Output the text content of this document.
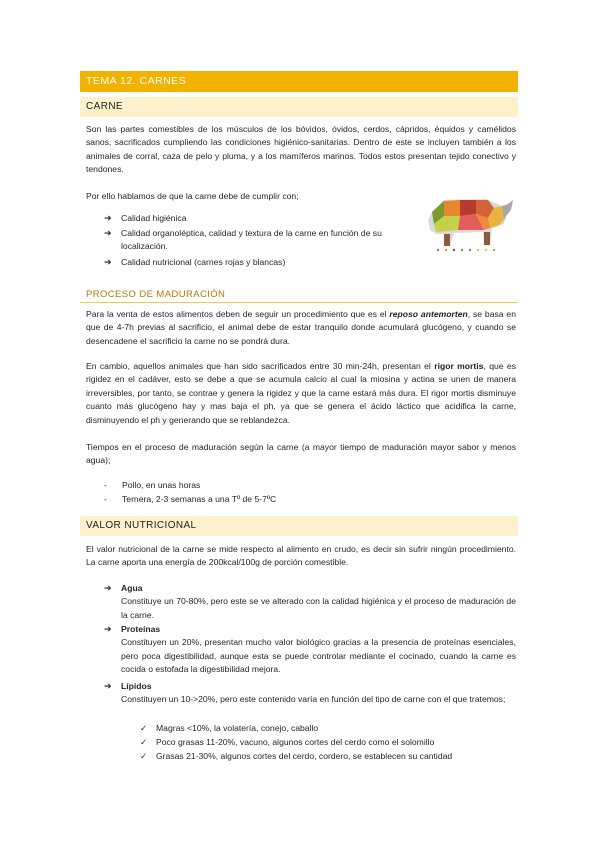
TEMA 12. CARNES
CARNE
Son las partes comestibles de los músculos de los bóvidos, óvidos, cerdos, cápridos, équidos y camélidos sanos, sacrificados cumpliendo las condiciones higiénico-sanitarias. Dentro de este se incluyen también a los animales de corral, caza de pelo y pluma, y a los mamíferos marinos. Todos estos presentan tejido conectivo y tendones.
Por ello hablamos de que la carne debe de cumplir con;
➔ Calidad higiénica
➔ Calidad organoléptica, calidad y textura de la carne en función de su localización.
➔ Calidad nutricional (carnes rojas y blancas)
PROCESO DE MADURACIÓN
Para la venta de estos alimentos deben de seguir un procedimiento que es el reposo antemorten, se basa en que de 4-7h previas al sacrificio, el animal debe de estar tranquilo donde acumulará glucógeno, y cuando se desencadene el sacrificio la carne no se pondrá dura.
En cambio, aquellos animales que han sido sacrificados entre 30 min-24h, presentan el rigor mortis, que es rigidez en el cadáver, esto se debe a que se acumula calcio al cual la miosina y actina se unen de manera irreversibles, por tanto, se contrae y genera la rigidez y que la carne estará más dura. El rigor mortis disminuye cuanto más glucógeno hay y mas baja el ph, ya que se genera el ácido láctico que acidifica la carne, disminuyendo el ph y generando que se reblandezca.
Tiempos en el proceso de maduración según la carne (a mayor tiempo de maduración mayor sabor y menos agua);
- Pollo, en unas horas
- Ternera, 2-3 semanas a una Tº de 5-7ºC
VALOR NUTRICIONAL
El valor nutricional de la carne se mide respecto al alimento en crudo, es decir sin sufrir ningún procedimiento. La carne aporta una energía de 200kcal/100g de porción comestible.
➔ Agua
Constituye un 70-80%, pero este se ve alterado con la calidad higiénica y el proceso de maduración de la carne.
➔ Proteínas
Constituyen un 20%, presentan mucho valor biológico gracias a la presencia de proteínas esenciales, pero poca digestibilidad, aunque esta se puede controlar mediante el cocinado, cuando la carne es cocida o estofada la digestibilidad mejora.
➔ Lípidos
Constituyen un 10->20%, pero este contenido varía en función del tipo de carne con el que tratemos;
✓ Magras <10%, la volatería, conejo, caballo
✓ Poco grasas 11-20%, vacuno, algunos cortes del cerdo como el solomillo
✓ Grasas 21-30%, algunos cortes del cerdo, cordero, se establecen su cantidad
